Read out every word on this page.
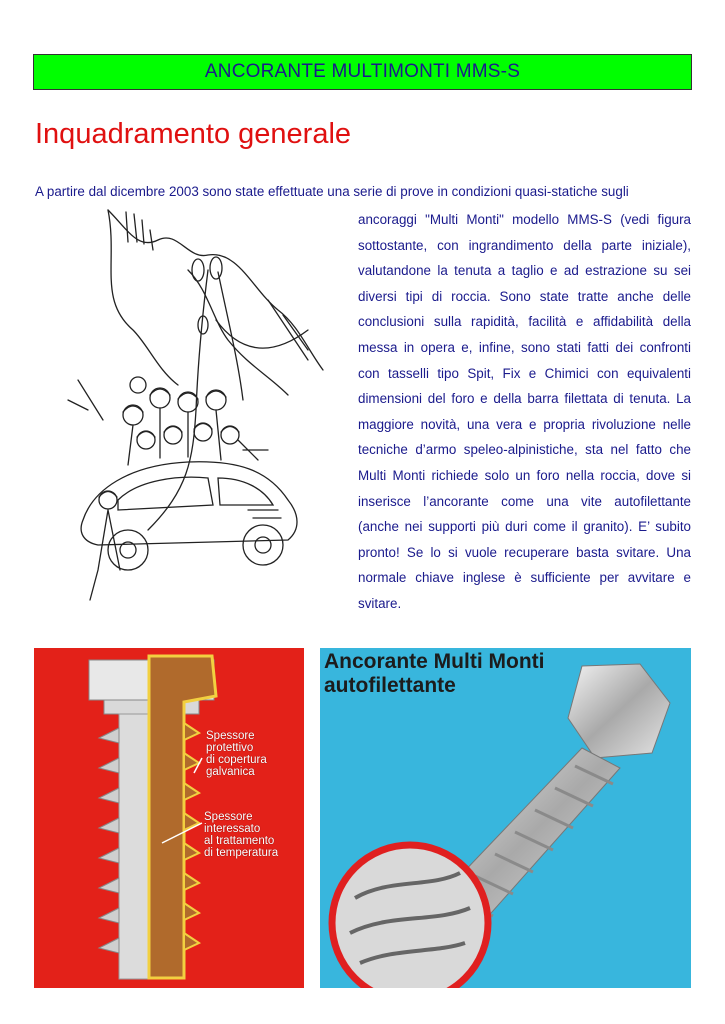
ANCORANTE MULTIMONTI MMS-S
Inquadramento generale
A partire dal dicembre 2003 sono state effettuate una serie di prove in condizioni quasi-statiche sugli
ancoraggi "Multi Monti" modello MMS-S (vedi figura sottostante, con ingrandimento della parte iniziale), valutandone la tenuta a taglio e ad estrazione su sei diversi tipi di roccia. Sono state tratte anche delle conclusioni sulla rapidità, facilità e affidabilità della messa in opera e, infine, sono stati fatti dei confronti con tasselli tipo Spit, Fix e Chimici con equivalenti dimensioni del foro e della barra filettata di tenuta. La maggiore novità, una vera e propria rivoluzione nelle tecniche d’armo speleo-alpinistiche, sta nel fatto che Multi Monti richiede solo un foro nella roccia, dove si inserisce l’ancorante come una vite autofilettante (anche nei supporti più duri come il granito). E’ subito pronto! Se lo si vuole recuperare basta svitare. Una normale chiave inglese è sufficiente per avvitare e svitare.
Spessore
protettivo
di copertura
galvanica
Spessore
interessato
al trattamento
di temperatura
Ancorante Multi Monti
autofilettante
